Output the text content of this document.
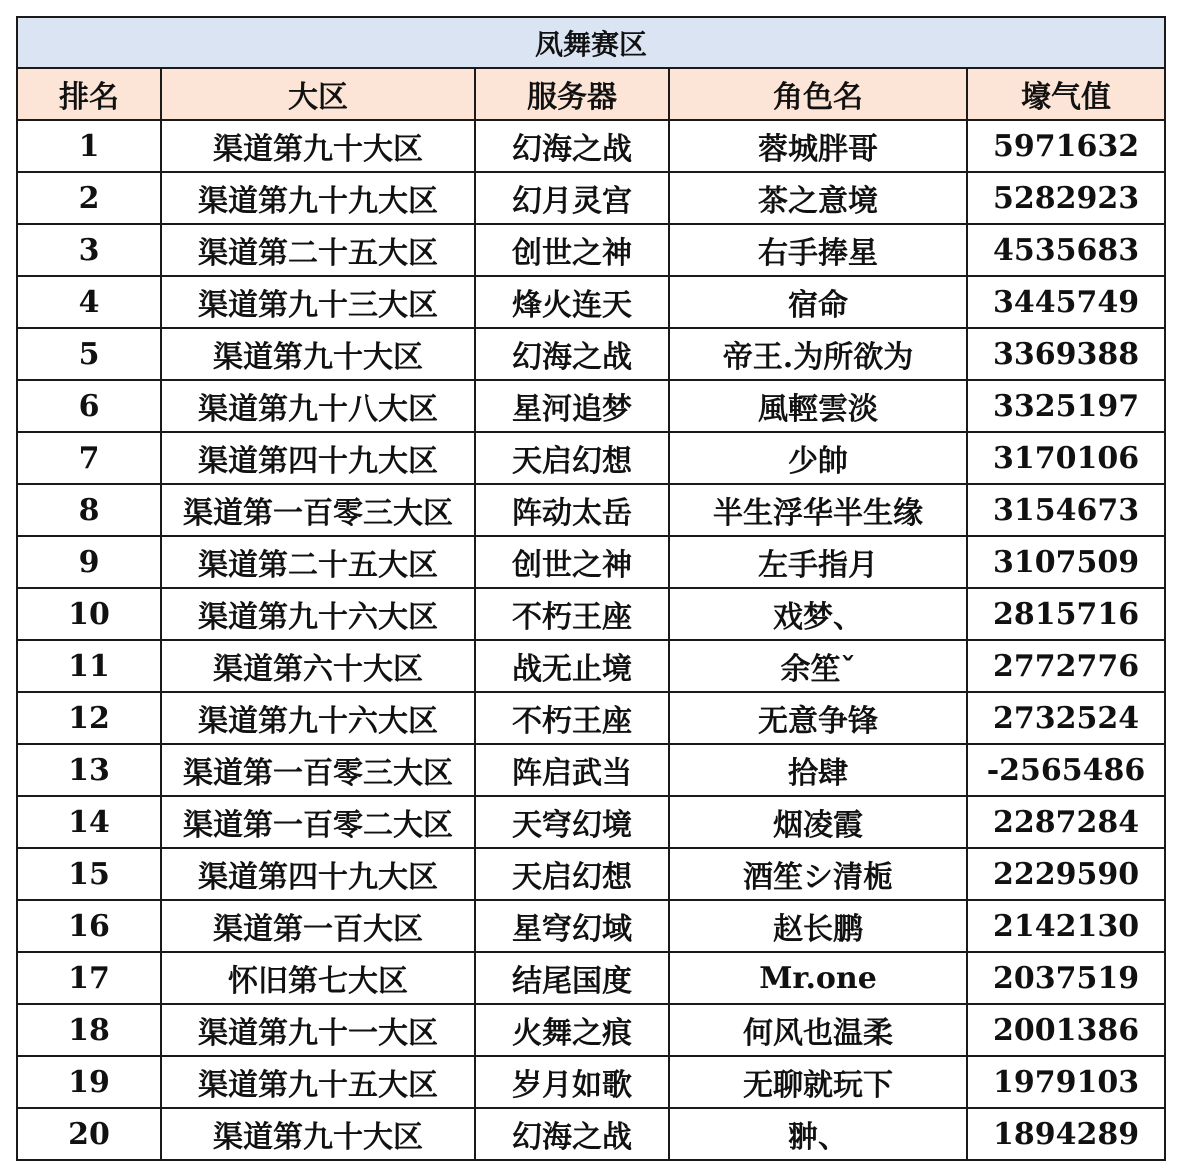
凤舞赛区				
排名	大区	服务器	角色名	壕气值
1	渠道第九十大区	幻海之战	蓉城胖哥	5971632
2	渠道第九十九大区	幻月灵宫	茶之意境	5282923
3	渠道第二十五大区	创世之神	右手捧星	4535683
4	渠道第九十三大区	烽火连天	宿命	3445749
5	渠道第九十大区	幻海之战	帝王.为所欲为	3369388
6	渠道第九十八大区	星河追梦	風輕雲淡	3325197
7	渠道第四十九大区	天启幻想	少帥	3170106
8	渠道第一百零三大区	阵动太岳	半生浮华半生缘	3154673
9	渠道第二十五大区	创世之神	左手指月	3107509
10	渠道第九十六大区	不朽王座	戏梦、	2815716
11	渠道第六十大区	战无止境	余笙ˇ	2772776
12	渠道第九十六大区	不朽王座	无意争锋	2732524
13	渠道第一百零三大区	阵启武当	拾肆	-2565486
14	渠道第一百零二大区	天穹幻境	烟凌霞	2287284
15	渠道第四十九大区	天启幻想	酒笙シ清栀	2229590
16	渠道第一百大区	星穹幻域	赵长鹏	2142130
17	怀旧第七大区	结尾国度	Mr.one	2037519
18	渠道第九十一大区	火舞之痕	何风也温柔	2001386
19	渠道第九十五大区	岁月如歌	无聊就玩下	1979103
20	渠道第九十大区	幻海之战	翀、	1894289
